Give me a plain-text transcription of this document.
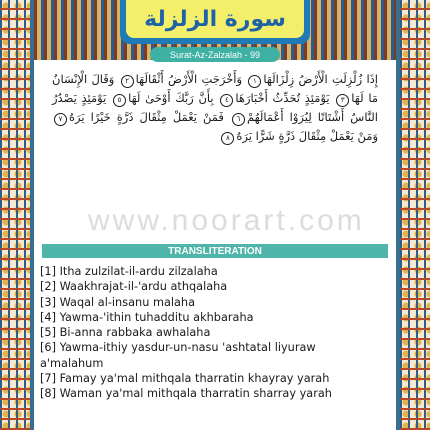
سورة الزلزلة
Surat-Az-Zalzalah - 99
إِذَا زُلْزِلَتِ الْأَرْضُ زِلْزَالَهَا١ وَأَخْرَجَتِ الْأَرْضُ أَثْقَالَهَا٢ وَقَالَ الْإِنْسَانُ مَا لَهَا٣ يَوْمَئِذٍ تُحَدِّثُ أَخْبَارَهَا٤ بِأَنَّ رَبَّكَ أَوْحَىٰ لَهَا٥ يَوْمَئِذٍ يَصْدُرُ النَّاسُ أَشْتَاتًا لِيُرَوْا أَعْمَالَهُمْ٦ فَمَنْ يَعْمَلْ مِثْقَالَ ذَرَّةٍ خَيْرًا يَرَهُ٧ وَمَنْ يَعْمَلْ مِثْقَالَ ذَرَّةٍ شَرًّا يَرَهُ٨
www.noorart.com
TRANSLITERATION
[1] Itha zulzilat-il-ardu zilzalaha
[2] Waakhrajat-il-'ardu athqalaha
[3] Waqal al-insanu malaha
[4] Yawma-'ithin tuhadditu akhbaraha
[5] Bi-anna rabbaka awhalaha
[6] Yawma-ithiy yasdur-un-nasu 'ashtatal liyuraw
a'malahum
[7] Famay ya'mal mithqala tharratin khayray yarah
[8] Waman ya'mal mithqala tharratin sharray yarah
